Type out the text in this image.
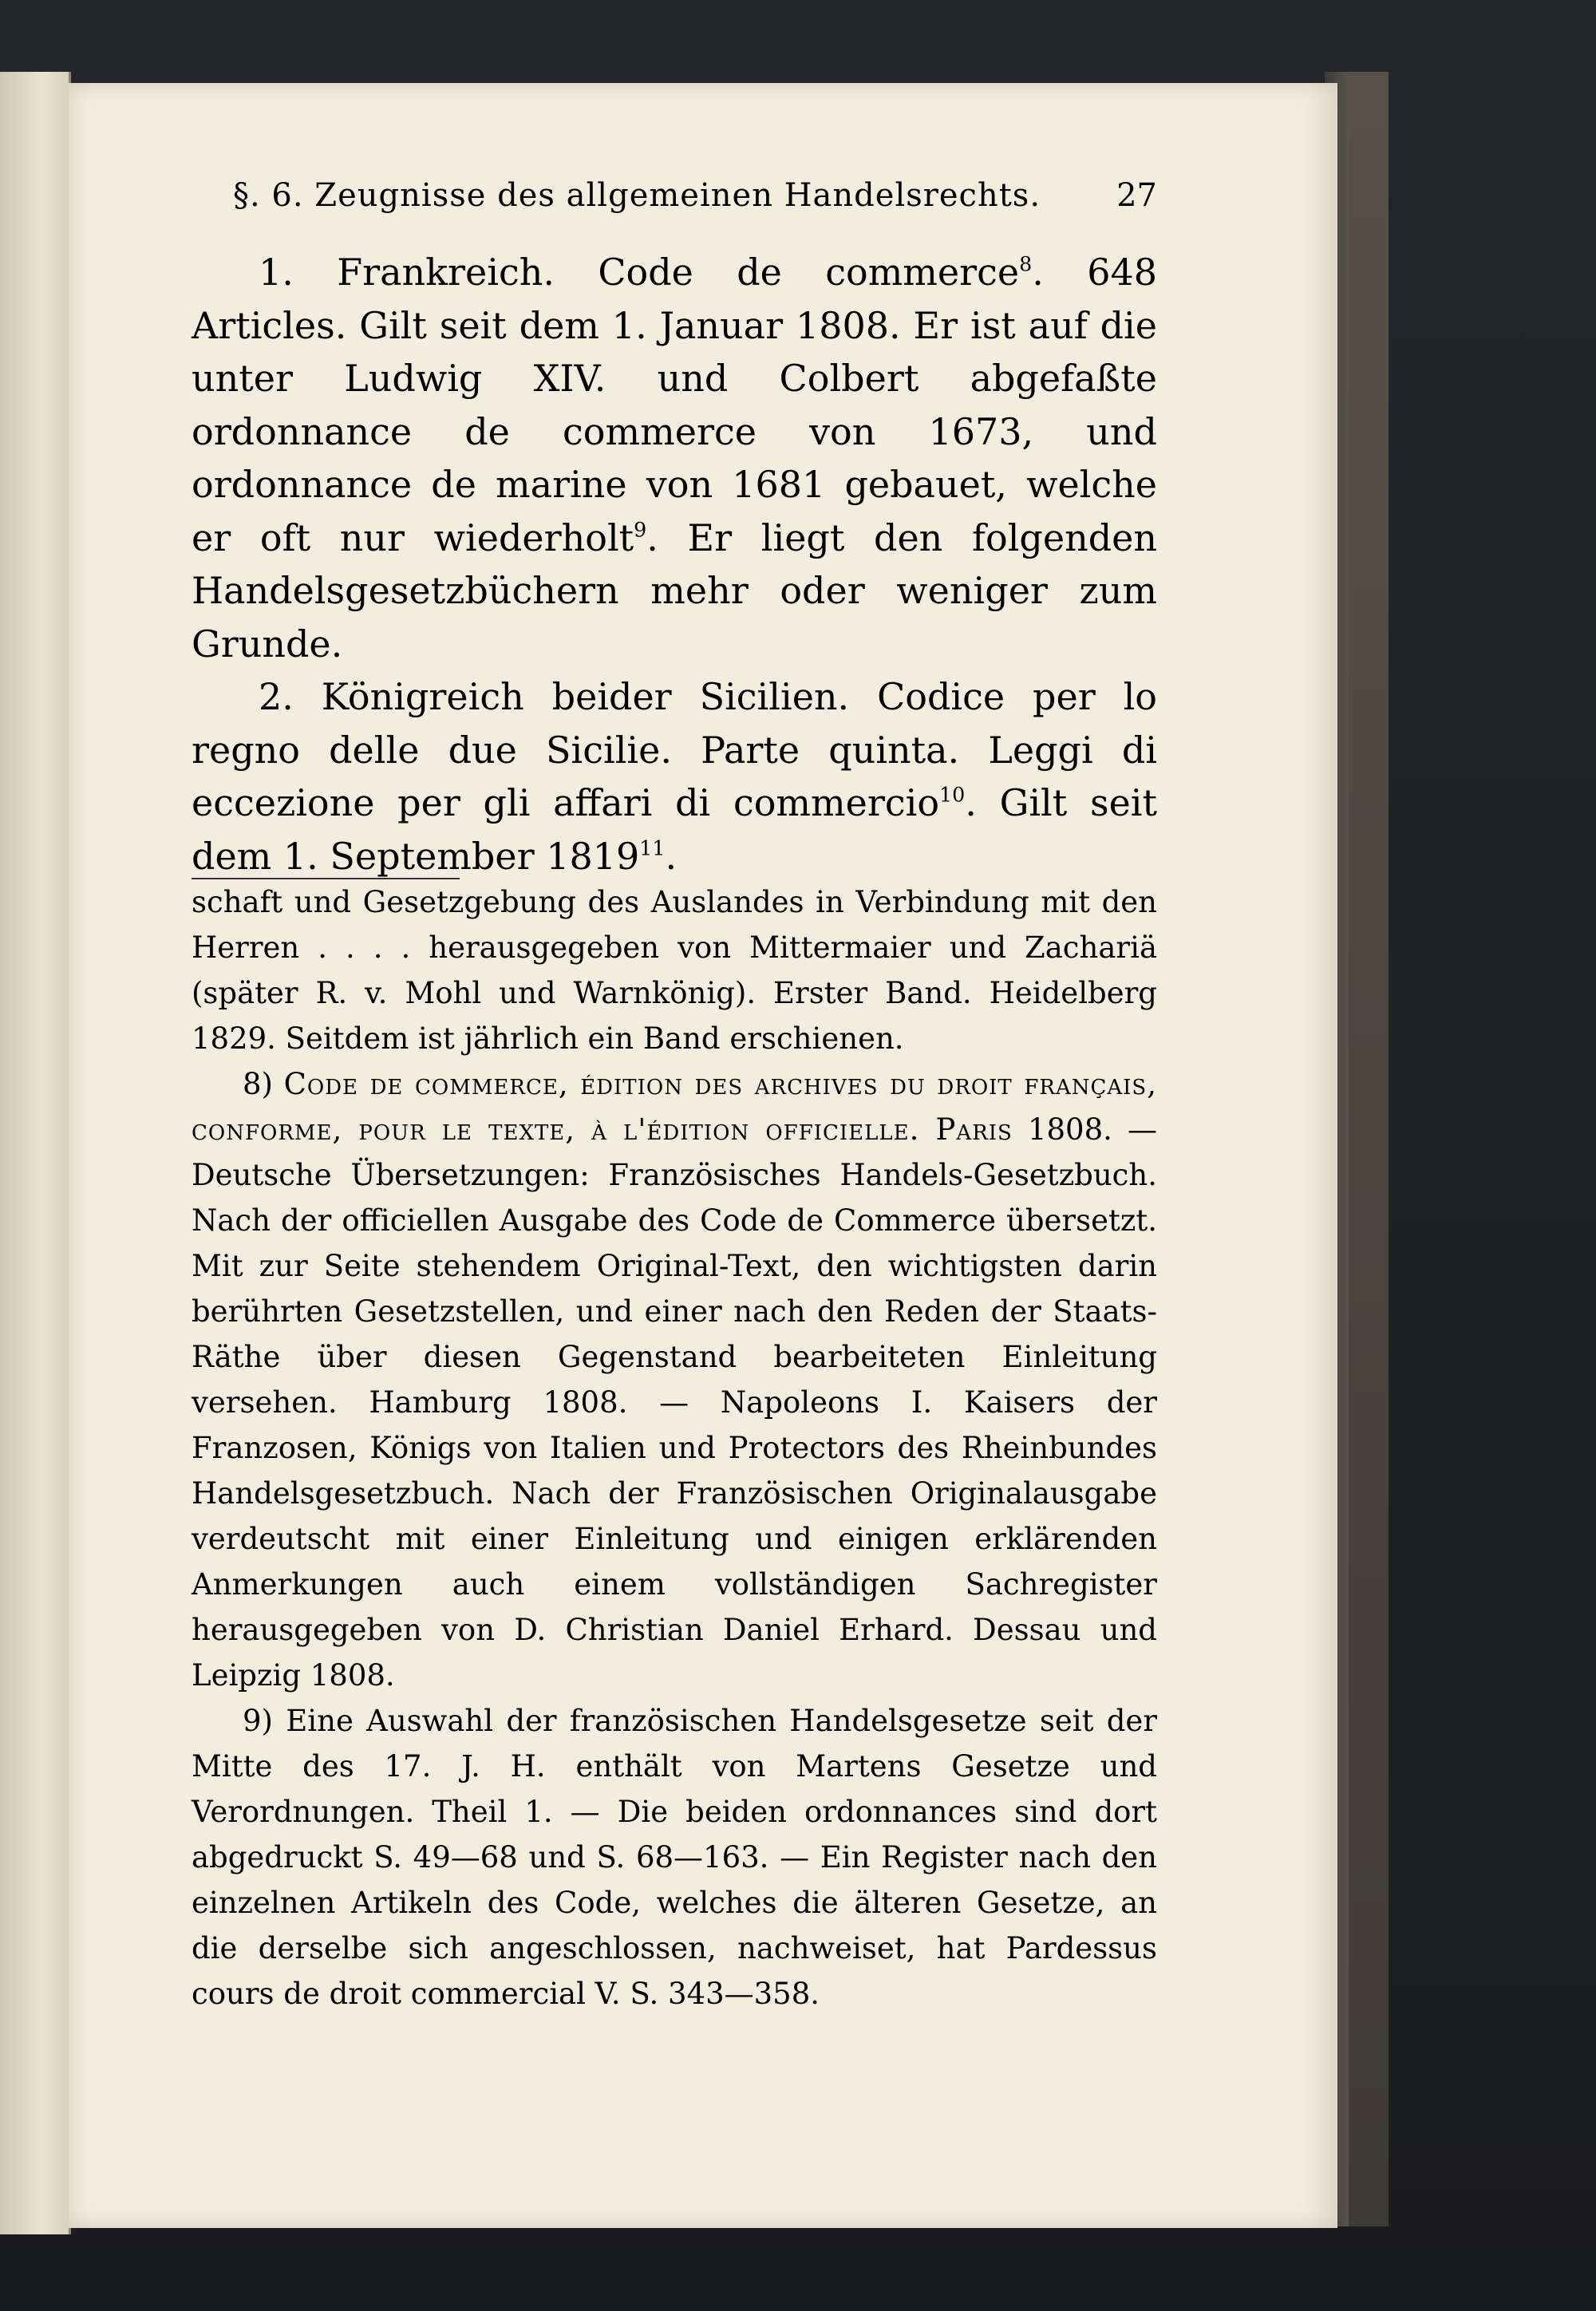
§. 6. Zeugnisse des allgemeinen Handelsrechts. 27

1. Frankreich. Code de commerce$^8$. 648 Articles. Gilt seit dem 1. Januar 1808. Er ist auf die unter Ludwig XIV. und Colbert abgefaßte ordonnance de commerce von 1673, und ordonnance de marine von 1681 gebauet, welche er oft nur wiederholt$^9$. Er liegt den folgenden Handelsgesetzbüchern mehr oder weniger zum Grunde.

2. Königreich beider Sicilien. Codice per lo regno delle due Sicilie. Parte quinta. Leggi di eccezione per gli affari di commercio$^{10}$. Gilt seit dem 1. September 1819$^{11}$.

schaft und Gesetzgebung des Auslandes in Verbindung mit den Herren . . . . herausgegeben von Mittermaier und Zachariä (später R. v. Mohl und Warnkönig). Erster Band. Heidelberg 1829. Seitdem ist jährlich ein Band erschienen.

8) Code de commerce, édition des archives du droit français, conforme, pour le texte, à l'édition officielle. Paris 1808. — Deutsche Übersetzungen: Französisches Handels-Gesetzbuch. Nach der officiellen Ausgabe des Code de Commerce übersetzt. Mit zur Seite stehendem Original-Text, den wichtigsten darin berührten Gesetzstellen, und einer nach den Reden der Staats-Räthe über diesen Gegenstand bearbeiteten Einleitung versehen. Hamburg 1808. — Napoleons I. Kaisers der Franzosen, Königs von Italien und Protectors des Rheinbundes Handelsgesetzbuch. Nach der Französischen Originalausgabe verdeutscht mit einer Einleitung und einigen erklärenden Anmerkungen auch einem vollständigen Sachregister herausgegeben von D. Christian Daniel Erhard. Dessau und Leipzig 1808.

9) Eine Auswahl der französischen Handelsgesetze seit der Mitte des 17. J. H. enthält von Martens Gesetze und Verordnungen. Theil 1. — Die beiden ordonnances sind dort abgedruckt S. 49—68 und S. 68—163. — Ein Register nach den einzelnen Artikeln des Code, welches die älteren Gesetze, an die derselbe sich angeschlossen, nachweiset, hat Pardessus cours de droit commercial V. S. 343—358.
